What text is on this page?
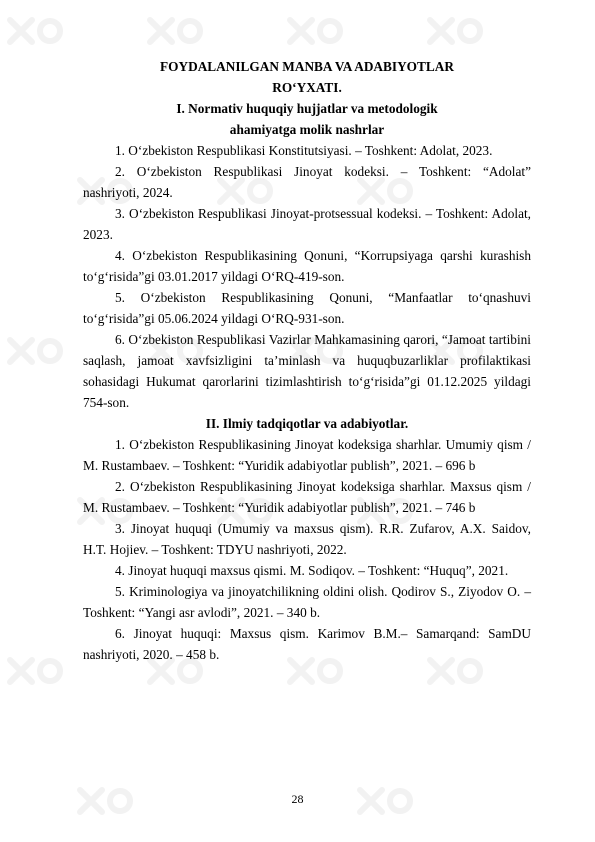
FOYDALANILGAN MANBA VA ADABIYOTLAR
RO‘YXATI.
I. Normativ huquqiy hujjatlar va metodologik
ahamiyatga molik nashrlar

1. O‘zbekiston Respublikasi Konstitutsiyasi. – Toshkent: Adolat, 2023.

2. O‘zbekiston Respublikasi Jinoyat kodeksi. – Toshkent: “Adolat” nashriyoti, 2024.

3. O‘zbekiston Respublikasi Jinoyat-protsessual kodeksi. – Toshkent: Adolat, 2023.

4. O‘zbekiston Respublikasining Qonuni, “Korrupsiyaga qarshi kurashish to‘g‘risida”gi 03.01.2017 yildagi O‘RQ-419-son.

5. O‘zbekiston Respublikasining Qonuni, “Manfaatlar to‘qnashuvi to‘g‘risida”gi 05.06.2024 yildagi O‘RQ-931-son.

6. O‘zbekiston Respublikasi Vazirlar Mahkamasining qarori, “Jamoat tartibini saqlash, jamoat xavfsizligini ta’minlash va huquqbuzarliklar profilaktikasi sohasidagi Hukumat qarorlarini tizimlashtirish to‘g‘risida”gi 01.12.2025 yildagi 754-son.

II. Ilmiy tadqiqotlar va adabiyotlar.

1. O‘zbekiston Respublikasining Jinoyat kodeksiga sharhlar. Umumiy qism / M. Rustambaev. – Toshkent: “Yuridik adabiyotlar publish”, 2021. – 696 b

2. O‘zbekiston Respublikasining Jinoyat kodeksiga sharhlar. Maxsus qism / M. Rustambaev. – Toshkent: “Yuridik adabiyotlar publish”, 2021. – 746 b

3. Jinoyat huquqi (Umumiy va maxsus qism). R.R. Zufarov, A.X. Saidov, H.T. Hojiev. – Toshkent: TDYU nashriyoti, 2022.

4. Jinoyat huquqi maxsus qismi. M. Sodiqov. – Toshkent: “Huquq”, 2021.

5. Kriminologiya va jinoyatchilikning oldini olish. Qodirov S., Ziyodov O. – Toshkent: “Yangi asr avlodi”, 2021. – 340 b.

6. Jinoyat huquqi: Maxsus qism. Karimov B.M.– Samarqand: SamDU nashriyoti, 2020. – 458 b.

28
